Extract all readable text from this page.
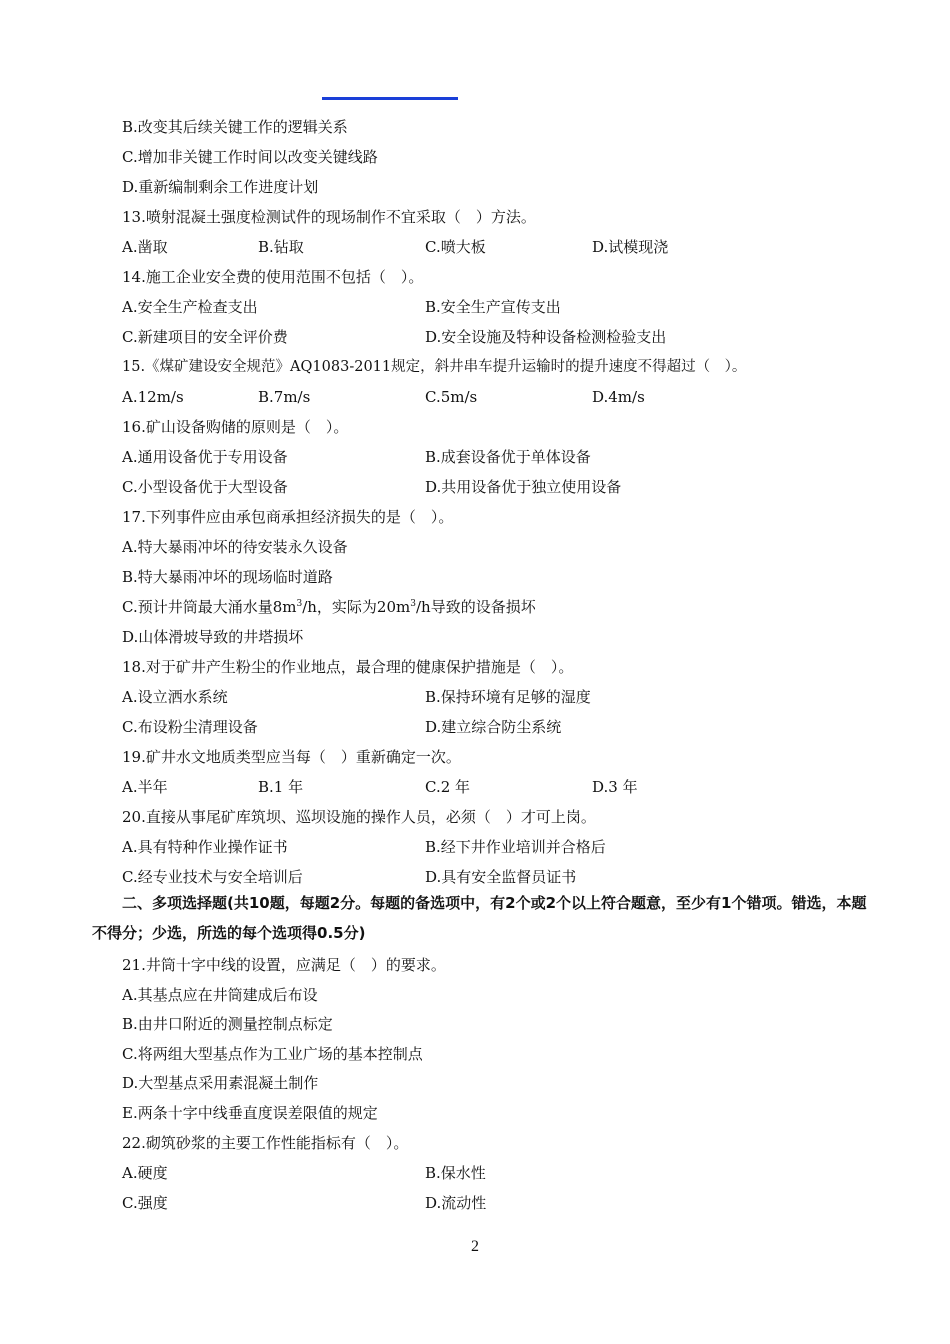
B.改变其后续关键工作的逻辑关系
C.增加非关键工作时间以改变关键线路
D.重新编制剩余工作进度计划
13.喷射混凝土强度检测试件的现场制作不宜采取（　）方法。
A.凿取	B.钻取	C.喷大板	D.试模现浇
14.施工企业安全费的使用范围不包括（　）。
A.安全生产检查支出	B.安全生产宣传支出
C.新建项目的安全评价费	D.安全设施及特种设备检测检验支出
15.《煤矿建设安全规范》AQ1083-2011规定，斜井串车提升运输时的提升速度不得超过（　）。
A.12m/s	B.7m/s	C.5m/s	D.4m/s
16.矿山设备购储的原则是（　）。
A.通用设备优于专用设备	B.成套设备优于单体设备
C.小型设备优于大型设备	D.共用设备优于独立使用设备
17.下列事件应由承包商承担经济损失的是（　）。
A.特大暴雨冲坏的待安装永久设备
B.特大暴雨冲坏的现场临时道路
C.预计井筒最大涌水量$8m^3/h$，实际为$20m^3/h$导致的设备损坏
D.山体滑坡导致的井塔损坏
18.对于矿井产生粉尘的作业地点，最合理的健康保护措施是（　）。
A.设立洒水系统	B.保持环境有足够的湿度
C.布设粉尘清理设备	D.建立综合防尘系统
19.矿井水文地质类型应当每（　）重新确定一次。
A.半年	B.1 年	C.2 年	D.3 年
20.直接从事尾矿库筑坝、巡坝设施的操作人员，必须（　）才可上岗。
A.具有特种作业操作证书	B.经下井作业培训并合格后
C.经专业技术与安全培训后	D.具有安全监督员证书
二、多项选择题(共10题，每题2分。每题的备选项中，有2个或2个以上符合题意，至少有1个错项。错选，本题不得分；少选，所选的每个选项得0.5分)
21.井筒十字中线的设置，应满足（　）的要求。
A.其基点应在井筒建成后布设
B.由井口附近的测量控制点标定
C.将两组大型基点作为工业广场的基本控制点
D.大型基点采用素混凝土制作
E.两条十字中线垂直度误差限值的规定
22.砌筑砂浆的主要工作性能指标有（　）。
A.硬度	B.保水性
C.强度	D.流动性
2
